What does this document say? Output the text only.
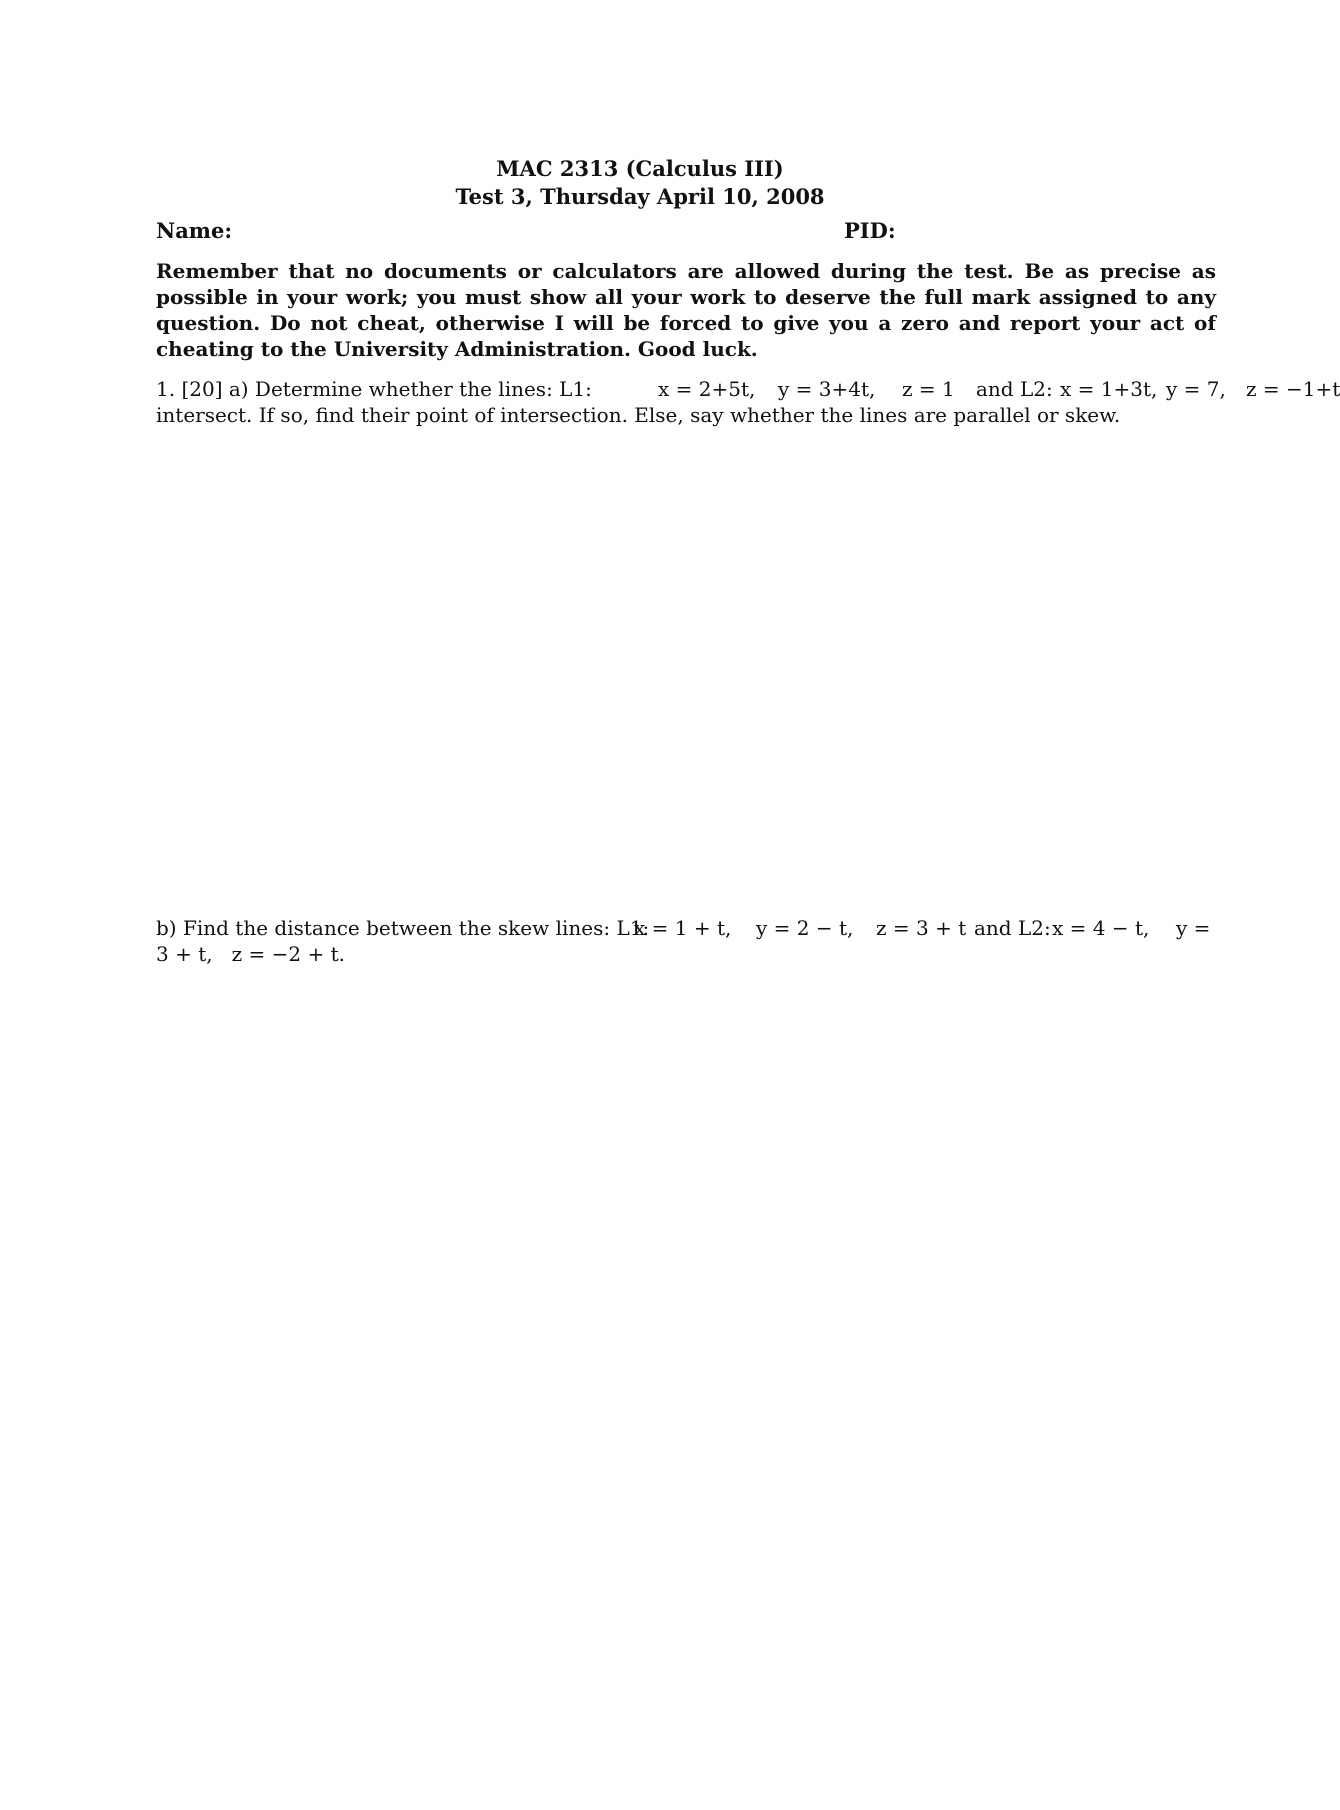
MAC 2313 (Calculus III)
Test 3, Thursday April 10, 2008
Name:	PID:
Remember that no documents or calculators are allowed during the test. Be as precise as possible in your work; you must show all your work to deserve the full mark assigned to any question. Do not cheat, otherwise I will be forced to give you a zero and report your act of cheating to the University Administration. Good luck.
1. [20] a) Determine whether the lines: L1:	x = 2+5t, y = 3+4t, z = 1 and L2: x = 1+3t, y = 7, z = −1+t
intersect. If so, find their point of intersection. Else, say whether the lines are parallel or skew.
b) Find the distance between the skew lines: L1:
x = 1 + t, y = 2 − t, z = 3 + t and L2: x = 4 − t, y =
3 + t,   z = −2 + t.
